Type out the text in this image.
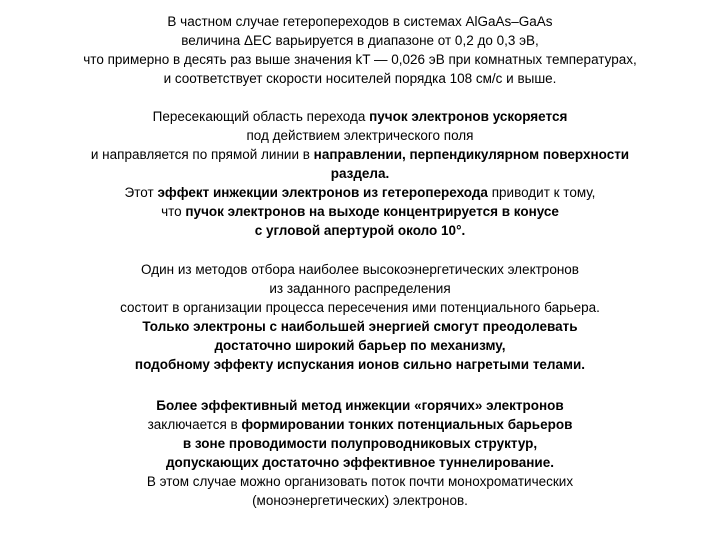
В частном случае гетеропереходов в системах AlGaAs–GaAs
величина ΔEC варьируется в диапазоне от 0,2 до 0,3 эВ,
что примерно в десять раз выше значения kT — 0,026 эВ при комнатных температурах,
и соответствует скорости носителей порядка 108 см/с и выше.
Пересекающий область перехода пучок электронов ускоряется
под действием электрического поля
и направляется по прямой линии в направлении, перпендикулярном поверхности
раздела.
Этот эффект инжекции электронов из гетероперехода приводит к тому,
что пучок электронов на выходе концентрируется в конусе
с угловой апертурой около 10°.
Один из методов отбора наиболее высокоэнергетических электронов
из заданного распределения
состоит в организации процесса пересечения ими потенциального барьера.
Только электроны с наибольшей энергией смогут преодолевать
достаточно широкий барьер по механизму,
подобному эффекту испускания ионов сильно нагретыми телами.
Более эффективный метод инжекции «горячих» электронов
заключается в формировании тонких потенциальных барьеров
в зоне проводимости полупроводниковых структур,
допускающих достаточно эффективное туннелирование.
В этом случае можно организовать поток почти монохроматических
(моноэнергетических) электронов.
